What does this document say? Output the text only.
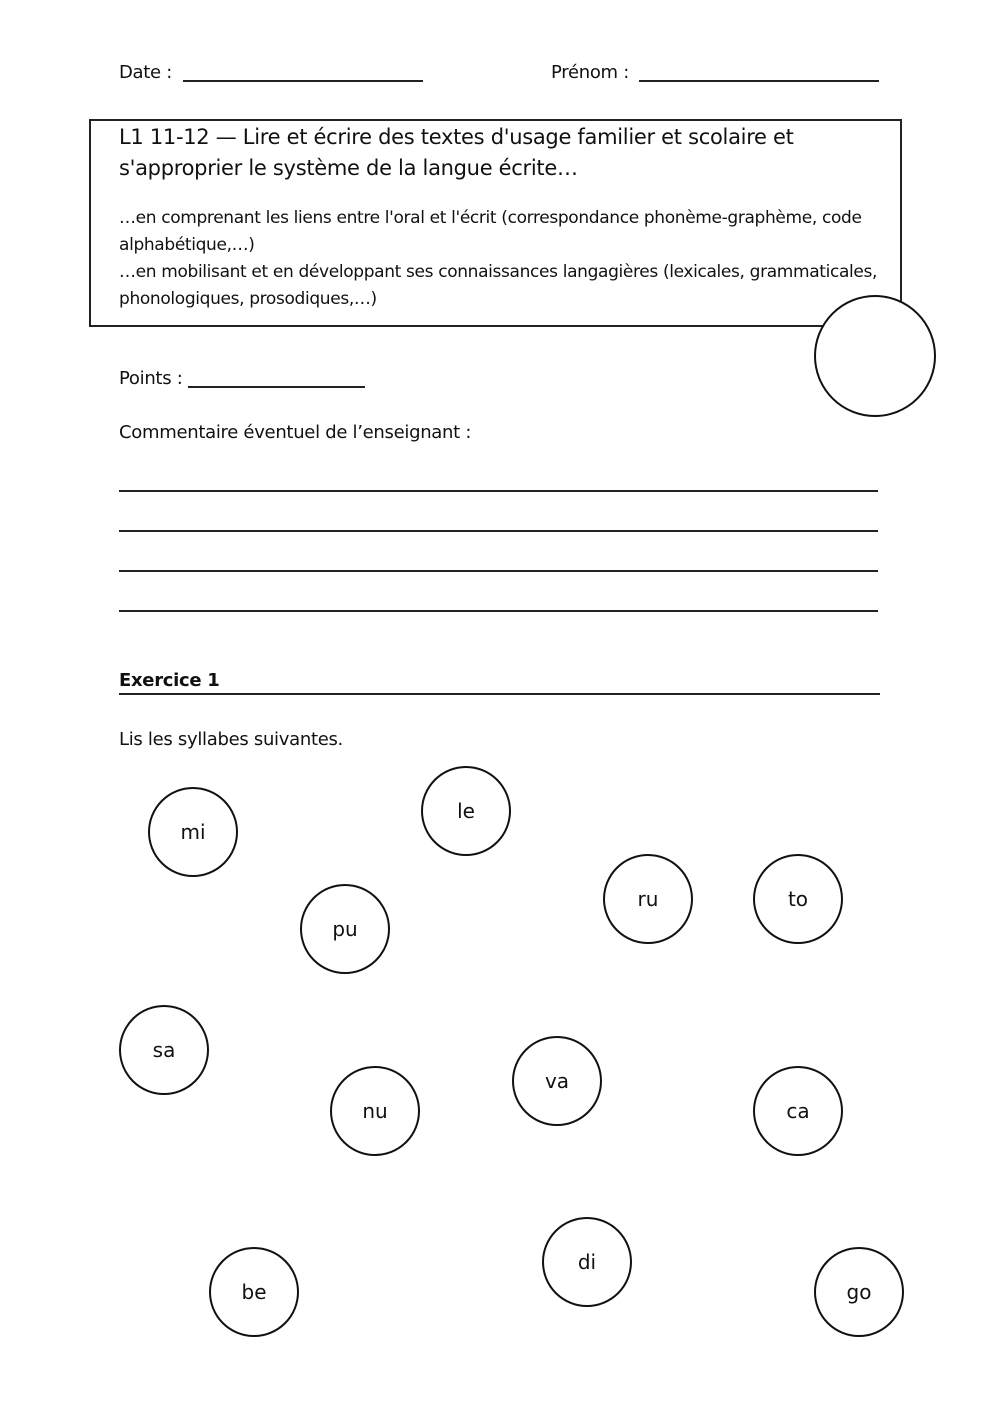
Date :	Prénom :
L1 11-12 — Lire et écrire des textes d'usage familier et scolaire et s'approprier le système de la langue écrite…
…en comprenant les liens entre l'oral et l'écrit (correspondance phonème-graphème, code alphabétique,…)
…en mobilisant et en développant ses connaissances langagières (lexicales, grammaticales, phonologiques, prosodiques,…)
Points :
Commentaire éventuel de l’enseignant :
Exercice 1
Lis les syllabes suivantes.
mi
le
pu
ru	to
sa
nu
va
ca
be
di
go
